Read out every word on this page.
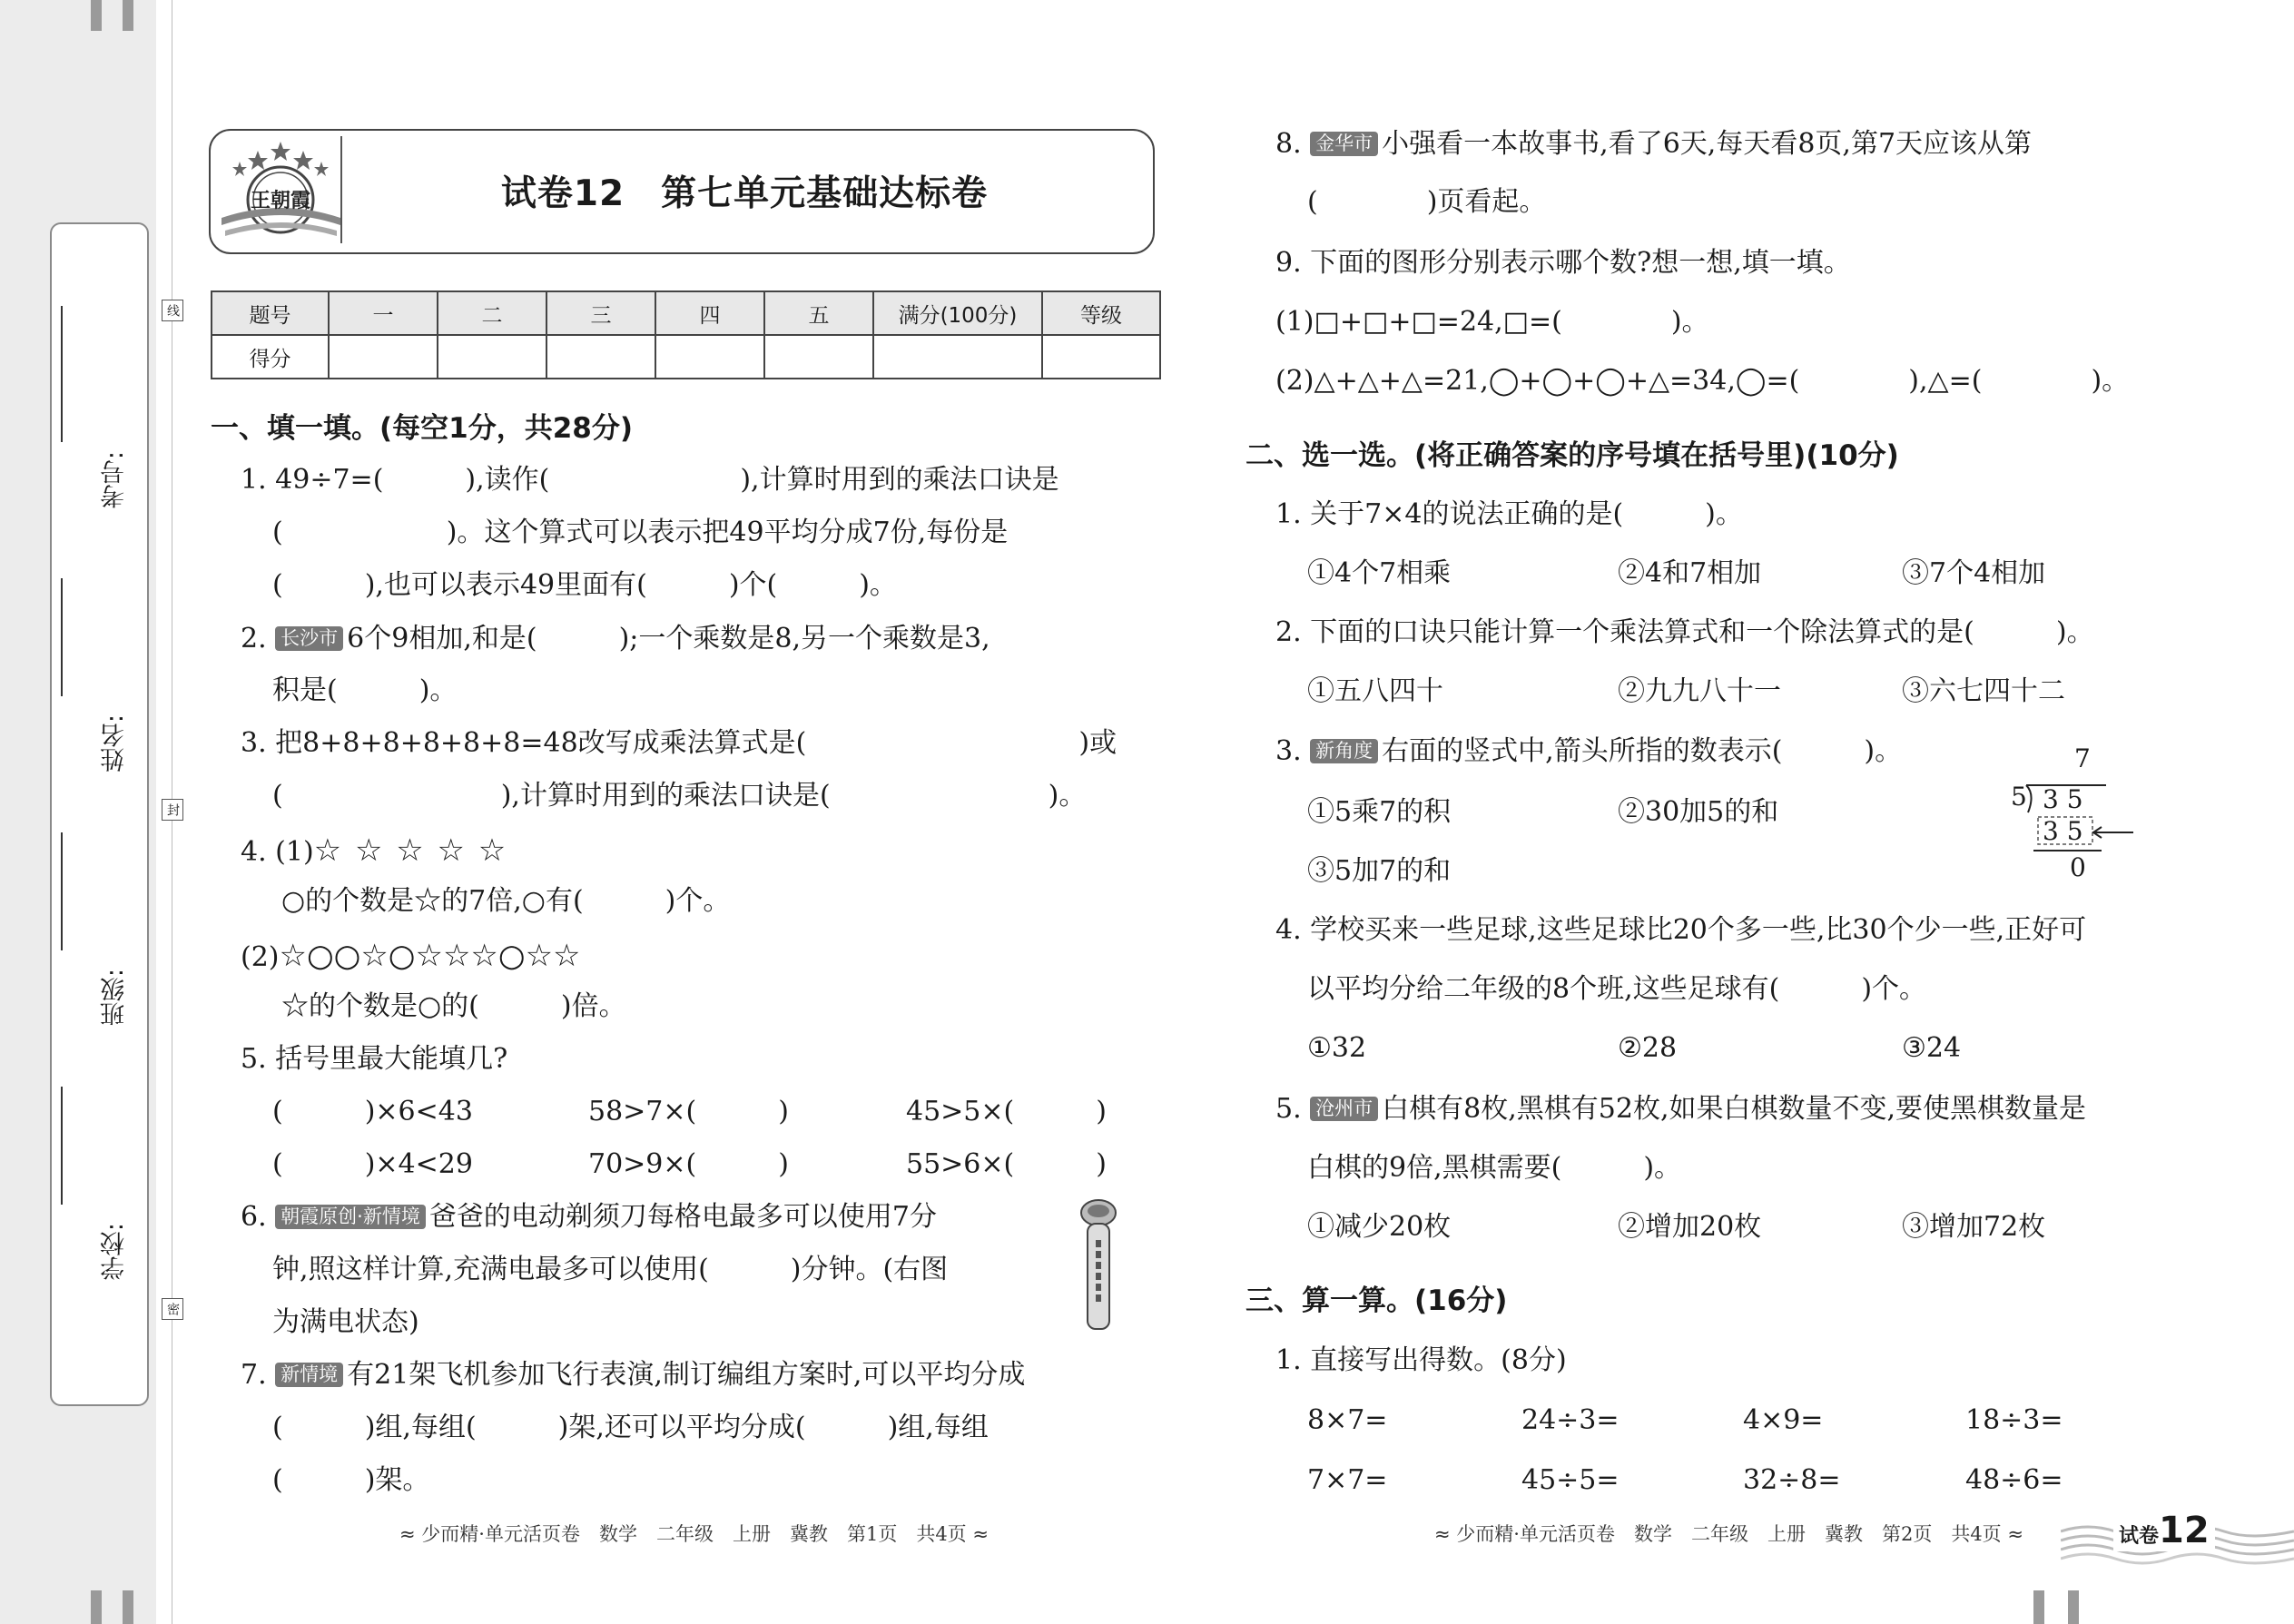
考号:
姓名:
班级:
学校:
线
封
密
王朝霞	试卷12　第七单元基础达标卷
题号	一	二	三	四	五	满分(100分)	等级
得分							
一、填一填。(每空1分，共28分)
1. 49÷7=(　　　),读作(　　　　　　　),计算时用到的乘法口诀是
(　　　　　　)。这个算式可以表示把49平均分成7份,每份是
(　　　),也可以表示49里面有(　　　)个(　　　)。
2. 长沙市 6个9相加,和是(　　　);一个乘数是8,另一个乘数是3,
积是(　　　)。
3. 把8+8+8+8+8+8=48改写成乘法算式是(　　　　　　　　　　)或
(　　　　　　　　),计算时用到的乘法口诀是(　　　　　　　　)。
4. (1)☆ ☆ ☆ ☆ ☆
○的个数是☆的7倍,○有(　　　)个。
(2)☆○○☆○☆☆☆○☆☆
☆的个数是○的(　　　)倍。
5. 括号里最大能填几?
(　　　)×6<43	58>7×(　　　)	45>5×(　　　)
(　　　)×4<29	70>9×(　　　)	55>6×(　　　)
6. 朝霞原创·新情境 爸爸的电动剃须刀每格电最多可以使用7分
钟,照这样计算,充满电最多可以使用(　　　)分钟。(右图
为满电状态)
7. 新情境 有21架飞机参加飞行表演,制订编组方案时,可以平均分成
(　　　)组,每组(　　　)架,还可以平均分成(　　　)组,每组
(　　　)架。
≈ 少而精·单元活页卷　数学　二年级　上册　冀教　第1页　共4页 ≈
8. 金华市 小强看一本故事书,看了6天,每天看8页,第7天应该从第
(　　　　)页看起。
9. 下面的图形分别表示哪个数?想一想,填一填。
(1)□+□+□=24,□=(　　　　)。
(2)△+△+△=21,◯+◯+◯+△=34,◯=(　　　　),△=(　　　　)。
二、选一选。(将正确答案的序号填在括号里)(10分)
1. 关于7×4的说法正确的是(　　　)。
①4个7相乘	②4和7相加	③7个4相加
2. 下面的口诀只能计算一个乘法算式和一个除法算式的是(　　　)。
①五八四十	②九九八十一	③六七四十二
3. 新角度 右面的竖式中,箭头所指的数表示(　　　)。
①5乘7的积	②30加5的和
③5加7的和
7
5 3 5
3 5
0
4. 学校买来一些足球,这些足球比20个多一些,比30个少一些,正好可
以平均分给二年级的8个班,这些足球有(　　　)个。
①32	②28	③24
5. 沧州市 白棋有8枚,黑棋有52枚,如果白棋数量不变,要使黑棋数量是
白棋的9倍,黑棋需要(　　　)。
①减少20枚	②增加20枚	③增加72枚
三、算一算。(16分)
1. 直接写出得数。(8分)
8×7=	24÷3=	4×9=	18÷3=
7×7=	45÷5=	32÷8=	48÷6=
≈ 少而精·单元活页卷　数学　二年级　上册　冀教　第2页　共4页 ≈	试卷12
